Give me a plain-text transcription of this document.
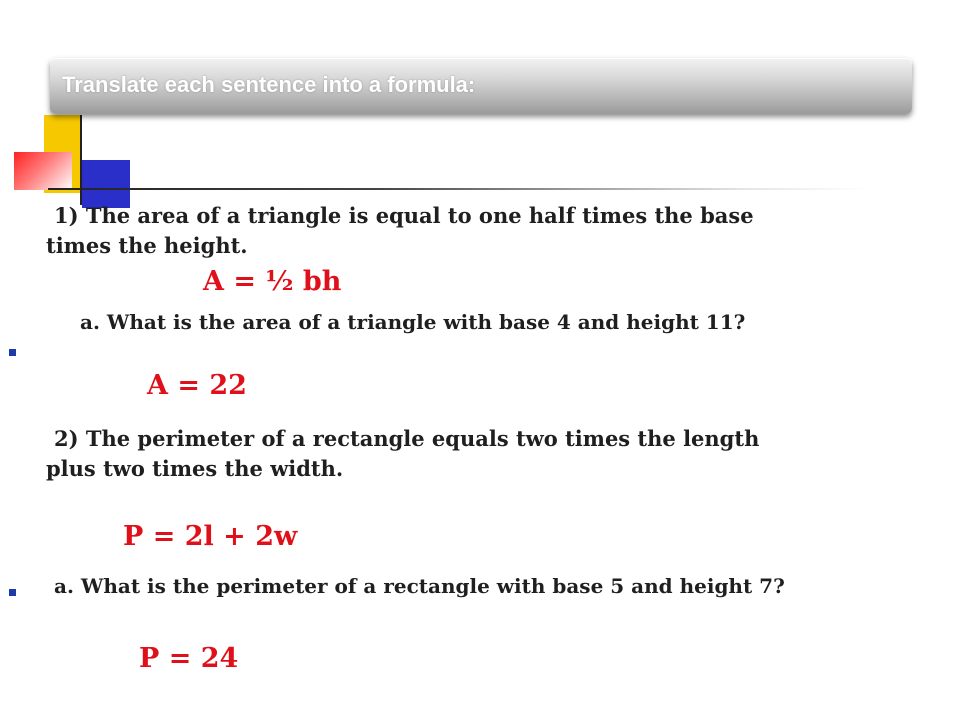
Translate each sentence into a formula:
1) The area of a triangle is equal to one half times the base
times the height.
A = ½ bh
a. What is the area of a triangle with base 4 and height 11?
A = 22
2) The perimeter of a rectangle equals two times the length
plus two times the width.
P = 2l + 2w
a. What is the perimeter of a rectangle with base 5 and height 7?
P = 24
